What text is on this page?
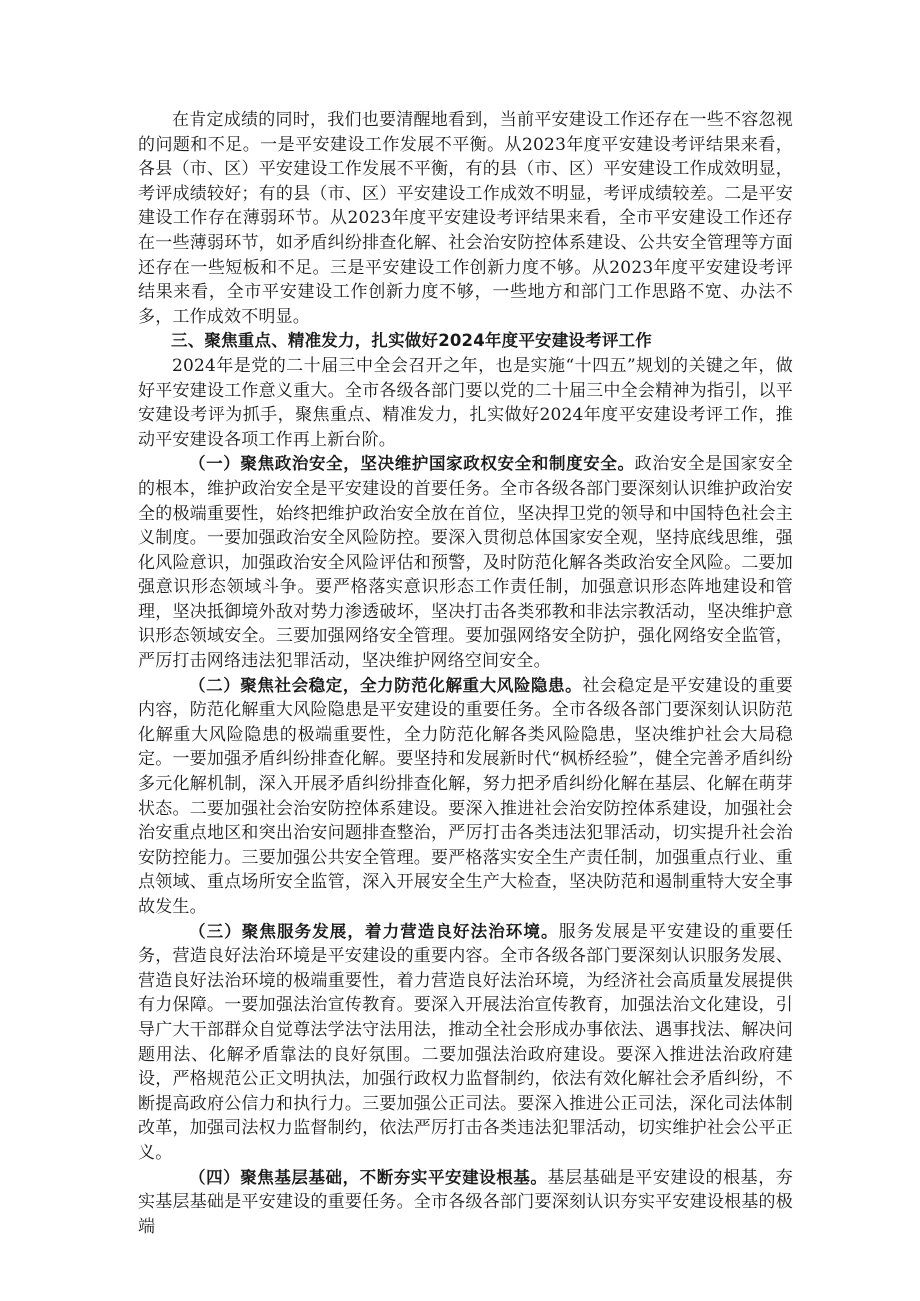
在肯定成绩的同时，我们也要清醒地看到，当前平安建设工作还存在一些不容忽视的问题和不足。一是平安建设工作发展不平衡。从2023年度平安建设考评结果来看，各县（市、区）平安建设工作发展不平衡，有的县（市、区）平安建设工作成效明显，考评成绩较好；有的县（市、区）平安建设工作成效不明显，考评成绩较差。二是平安建设工作存在薄弱环节。从2023年度平安建设考评结果来看，全市平安建设工作还存在一些薄弱环节，如矛盾纠纷排查化解、社会治安防控体系建设、公共安全管理等方面还存在一些短板和不足。三是平安建设工作创新力度不够。从2023年度平安建设考评结果来看，全市平安建设工作创新力度不够，一些地方和部门工作思路不宽、办法不多，工作成效不明显。

三、聚焦重点、精准发力，扎实做好2024年度平安建设考评工作

2024年是党的二十届三中全会召开之年，也是实施“十四五”规划的关键之年，做好平安建设工作意义重大。全市各级各部门要以党的二十届三中全会精神为指引，以平安建设考评为抓手，聚焦重点、精准发力，扎实做好2024年度平安建设考评工作，推动平安建设各项工作再上新台阶。

（一）聚焦政治安全，坚决维护国家政权安全和制度安全。政治安全是国家安全的根本，维护政治安全是平安建设的首要任务。全市各级各部门要深刻认识维护政治安全的极端重要性，始终把维护政治安全放在首位，坚决捍卫党的领导和中国特色社会主义制度。一要加强政治安全风险防控。要深入贯彻总体国家安全观，坚持底线思维，强化风险意识，加强政治安全风险评估和预警，及时防范化解各类政治安全风险。二要加强意识形态领域斗争。要严格落实意识形态工作责任制，加强意识形态阵地建设和管理，坚决抵御境外敌对势力渗透破坏，坚决打击各类邪教和非法宗教活动，坚决维护意识形态领域安全。三要加强网络安全管理。要加强网络安全防护，强化网络安全监管，严厉打击网络违法犯罪活动，坚决维护网络空间安全。

（二）聚焦社会稳定，全力防范化解重大风险隐患。社会稳定是平安建设的重要内容，防范化解重大风险隐患是平安建设的重要任务。全市各级各部门要深刻认识防范化解重大风险隐患的极端重要性，全力防范化解各类风险隐患，坚决维护社会大局稳定。一要加强矛盾纠纷排查化解。要坚持和发展新时代“枫桥经验”，健全完善矛盾纠纷多元化解机制，深入开展矛盾纠纷排查化解，努力把矛盾纠纷化解在基层、化解在萌芽状态。二要加强社会治安防控体系建设。要深入推进社会治安防控体系建设，加强社会治安重点地区和突出治安问题排查整治，严厉打击各类违法犯罪活动，切实提升社会治安防控能力。三要加强公共安全管理。要严格落实安全生产责任制，加强重点行业、重点领域、重点场所安全监管，深入开展安全生产大检查，坚决防范和遏制重特大安全事故发生。

（三）聚焦服务发展，着力营造良好法治环境。服务发展是平安建设的重要任务，营造良好法治环境是平安建设的重要内容。全市各级各部门要深刻认识服务发展、营造良好法治环境的极端重要性，着力营造良好法治环境，为经济社会高质量发展提供有力保障。一要加强法治宣传教育。要深入开展法治宣传教育，加强法治文化建设，引导广大干部群众自觉尊法学法守法用法，推动全社会形成办事依法、遇事找法、解决问题用法、化解矛盾靠法的良好氛围。二要加强法治政府建设。要深入推进法治政府建设，严格规范公正文明执法，加强行政权力监督制约，依法有效化解社会矛盾纠纷，不断提高政府公信力和执行力。三要加强公正司法。要深入推进公正司法，深化司法体制改革，加强司法权力监督制约，依法严厉打击各类违法犯罪活动，切实维护社会公平正义。

（四）聚焦基层基础，不断夯实平安建设根基。基层基础是平安建设的根基，夯实基层基础是平安建设的重要任务。全市各级各部门要深刻认识夯实平安建设根基的极端
